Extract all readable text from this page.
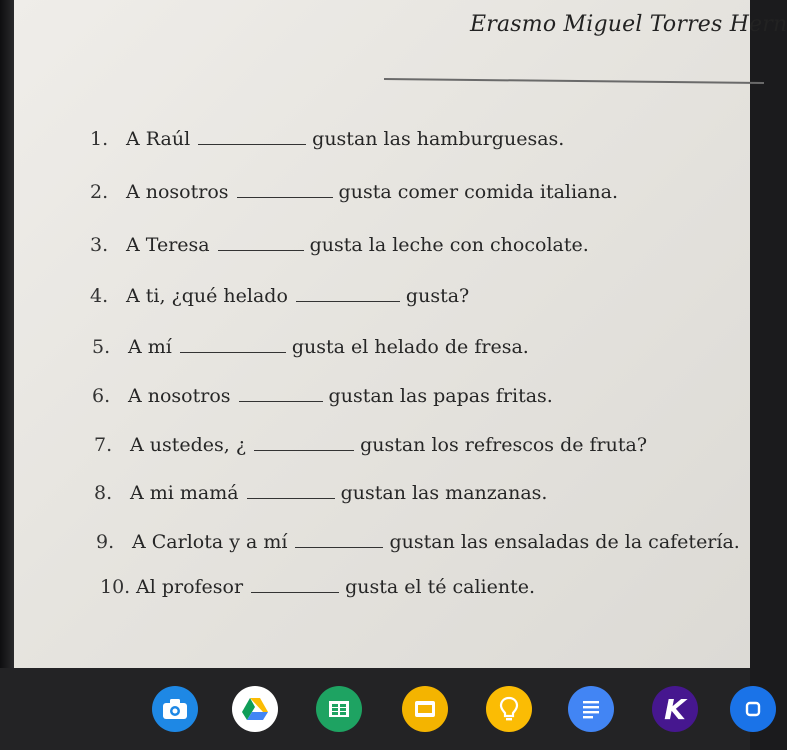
Erasmo Miguel Torres Hern
1. A Raúl	gustan las hamburguesas.
2. A nosotros	gusta comer comida italiana.
3. A Teresa	gusta la leche con chocolate.
4. A ti, ¿qué helado	gusta?
5. A mí	gusta el helado de fresa.
6. A nosotros	gustan las papas fritas.
7. A ustedes, ¿	gustan los refrescos de fruta?
8. A mi mamá	gustan las manzanas.
9. A Carlota y a mí	gustan las ensaladas de la cafetería.
10. Al profesor	gusta el té caliente.
K
